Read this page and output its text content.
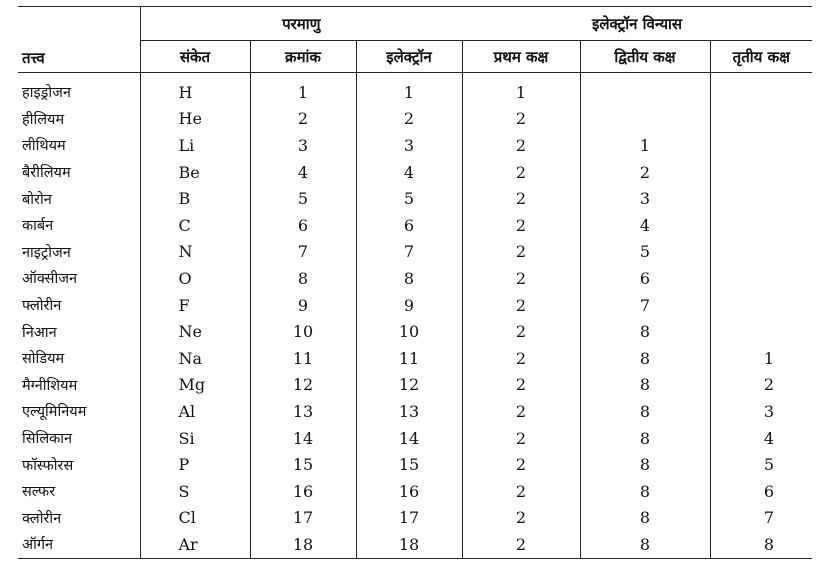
तत्त्व	परमाणु			इलेक्ट्रॉन विन्यास		
	संकेत	क्रमांक	इलेक्ट्रॉन	प्रथम कक्ष	द्वितीय कक्ष	तृतीय कक्ष
हाइड्रोजन	H	1	1	1		
हीलियम	He	2	2	2		
लीथियम	Li	3	3	2	1	
बैरीलियम	Be	4	4	2	2	
बोरोन	B	5	5	2	3	
कार्बन	C	6	6	2	4	
नाइट्रोजन	N	7	7	2	5	
ऑक्सीजन	O	8	8	2	6	
फ्लोरीन	F	9	9	2	7	
निआन	Ne	10	10	2	8	
सोडियम	Na	11	11	2	8	1
मैग्नीशियम	Mg	12	12	2	8	2
एल्यूमिनियम	Al	13	13	2	8	3
सिलिकान	Si	14	14	2	8	4
फॉस्फोरस	P	15	15	2	8	5
सल्फर	S	16	16	2	8	6
क्लोरीन	Cl	17	17	2	8	7
ऑर्गन	Ar	18	18	2	8	8
